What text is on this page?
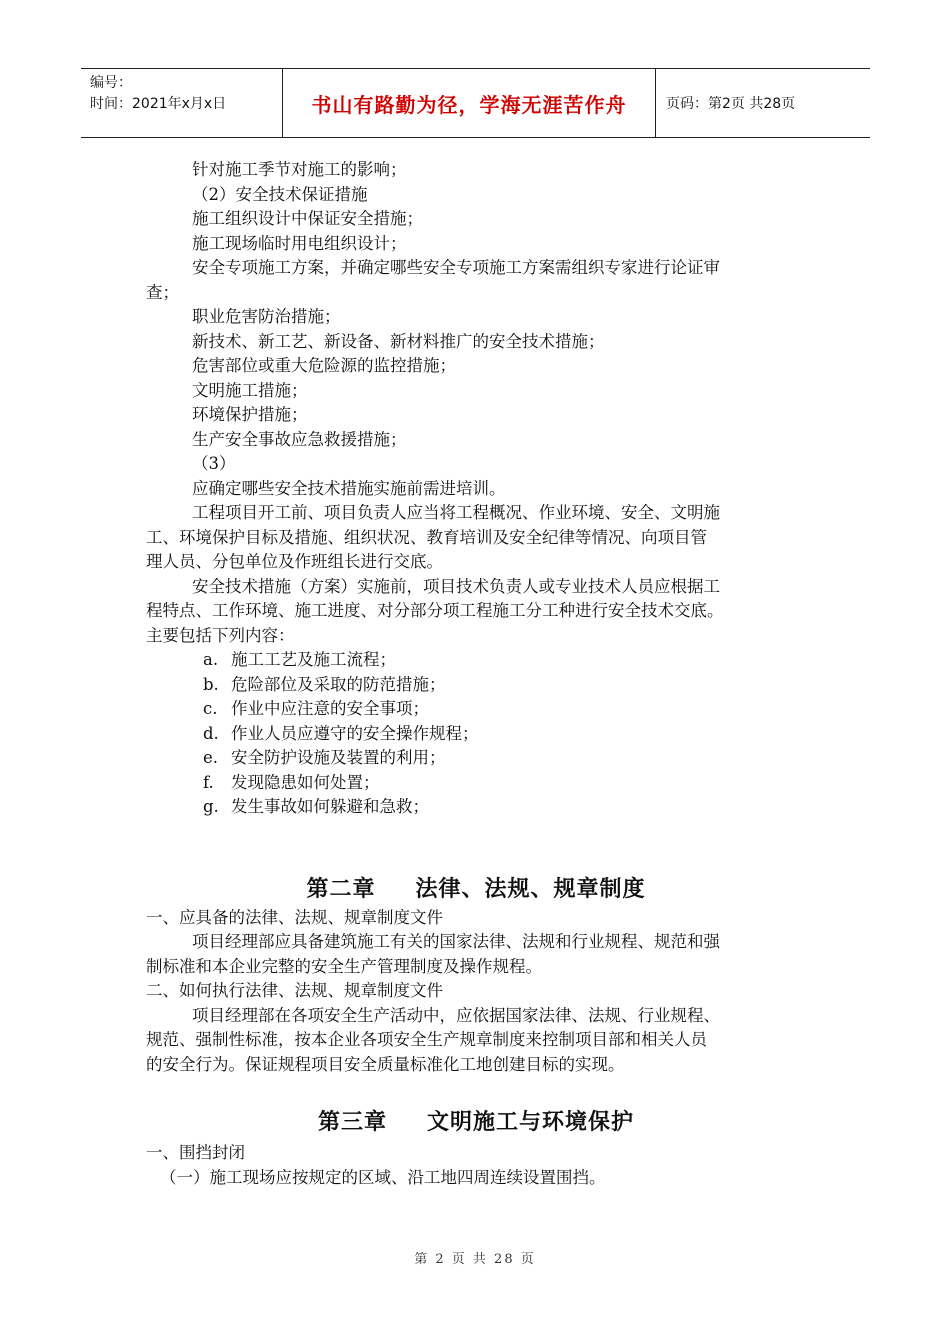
编号：
时间：2021年x月x日	书山有路勤为径，学海无涯苦作舟	页码：第2页 共28页

针对施工季节对施工的影响；

（2）安全技术保证措施

施工组织设计中保证安全措施；

施工现场临时用电组织设计；

安全专项施工方案，并确定哪些安全专项施工方案需组织专家进行论证审

查；

职业危害防治措施；

新技术、新工艺、新设备、新材料推广的安全技术措施；

危害部位或重大危险源的监控措施；

文明施工措施；

环境保护措施；

生产安全事故应急救援措施；

（3）

应确定哪些安全技术措施实施前需进培训。

工程项目开工前、项目负责人应当将工程概况、作业环境、安全、文明施

工、环境保护目标及措施、组织状况、教育培训及安全纪律等情况、向项目管

理人员、分包单位及作班组长进行交底。

安全技术措施（方案）实施前，项目技术负责人或专业技术人员应根据工

程特点、工作环境、施工进度、对分部分项工程施工分工种进行安全技术交底。

主要包括下列内容：

a. 施工工艺及施工流程；

b. 危险部位及采取的防范措施；

c. 作业中应注意的安全事项；

d. 作业人员应遵守的安全操作规程；

e. 安全防护设施及装置的利用；

f. 发现隐患如何处置；

g. 发生事故如何躲避和急救；

第二章 法律、法规、规章制度

一、应具备的法律、法规、规章制度文件

项目经理部应具备建筑施工有关的国家法律、法规和行业规程、规范和强

制标准和本企业完整的安全生产管理制度及操作规程。

二、如何执行法律、法规、规章制度文件

项目经理部在各项安全生产活动中，应依据国家法律、法规、行业规程、

规范、强制性标准，按本企业各项安全生产规章制度来控制项目部和相关人员

的安全行为。保证规程项目安全质量标准化工地创建目标的实现。

第三章 文明施工与环境保护

一、围挡封闭

（一）施工现场应按规定的区域、沿工地四周连续设置围挡。

第 2 页 共 28 页
